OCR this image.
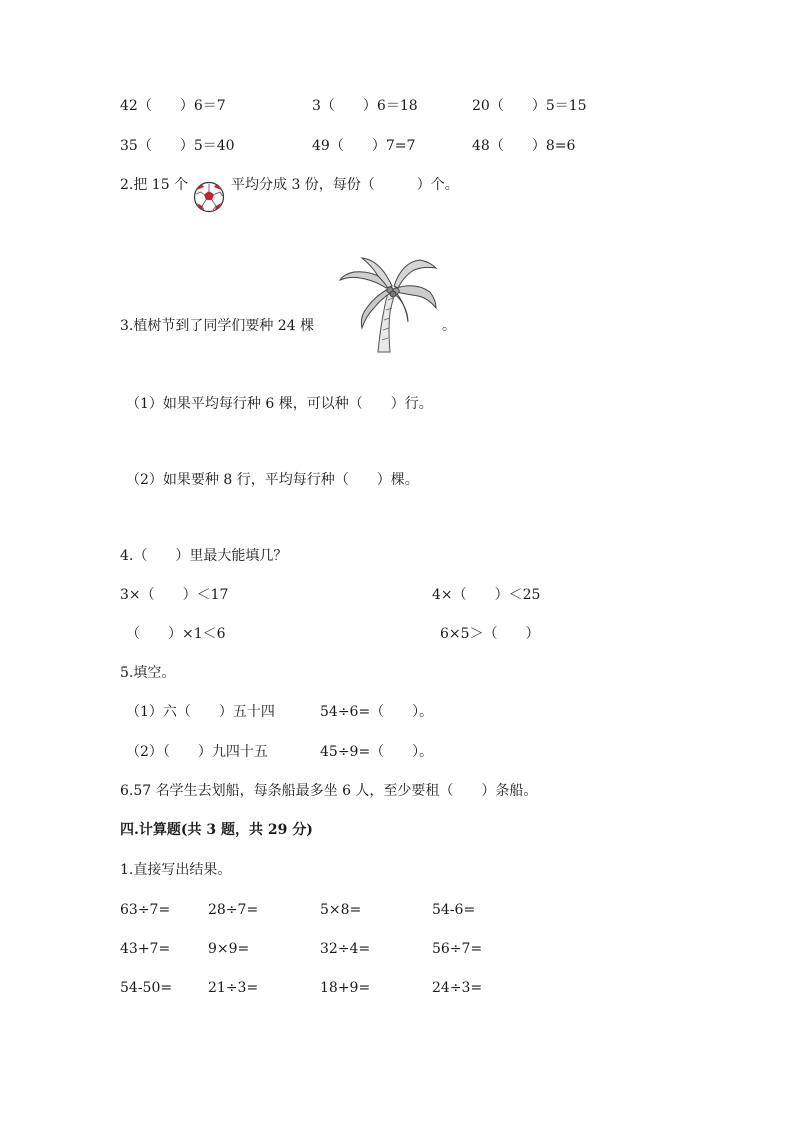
42（　　）6＝7	3（　　）6＝18	20（　　）5＝15
35（　　）5＝40	49（　　）7=7	48（　　）8=6
2.把 15 个	平均分成 3 份，每份（　　　）个。
3.植树节到了同学们要种 24 棵	。
（1）如果平均每行种 6 棵，可以种（　　）行。
（2）如果要种 8 行，平均每行种（　　）棵。
4.（　　）里最大能填几？
3×（　　）＜17	4×（　　）＜25
（　　）×1＜6	6×5＞（　　）
5.填空。
（1）六（　　）五十四	54÷6=（　　）。
（2）（　　）九四十五	45÷9=（　　）。
6.57 名学生去划船，每条船最多坐 6 人，至少要租（　　）条船。
四.计算题(共 3 题，共 29 分)
1.直接写出结果。
63÷7=	28÷7=	5×8=	54-6=
43+7=	9×9=	32÷4=	56÷7=
54-50=	21÷3=	18+9=	24÷3=
